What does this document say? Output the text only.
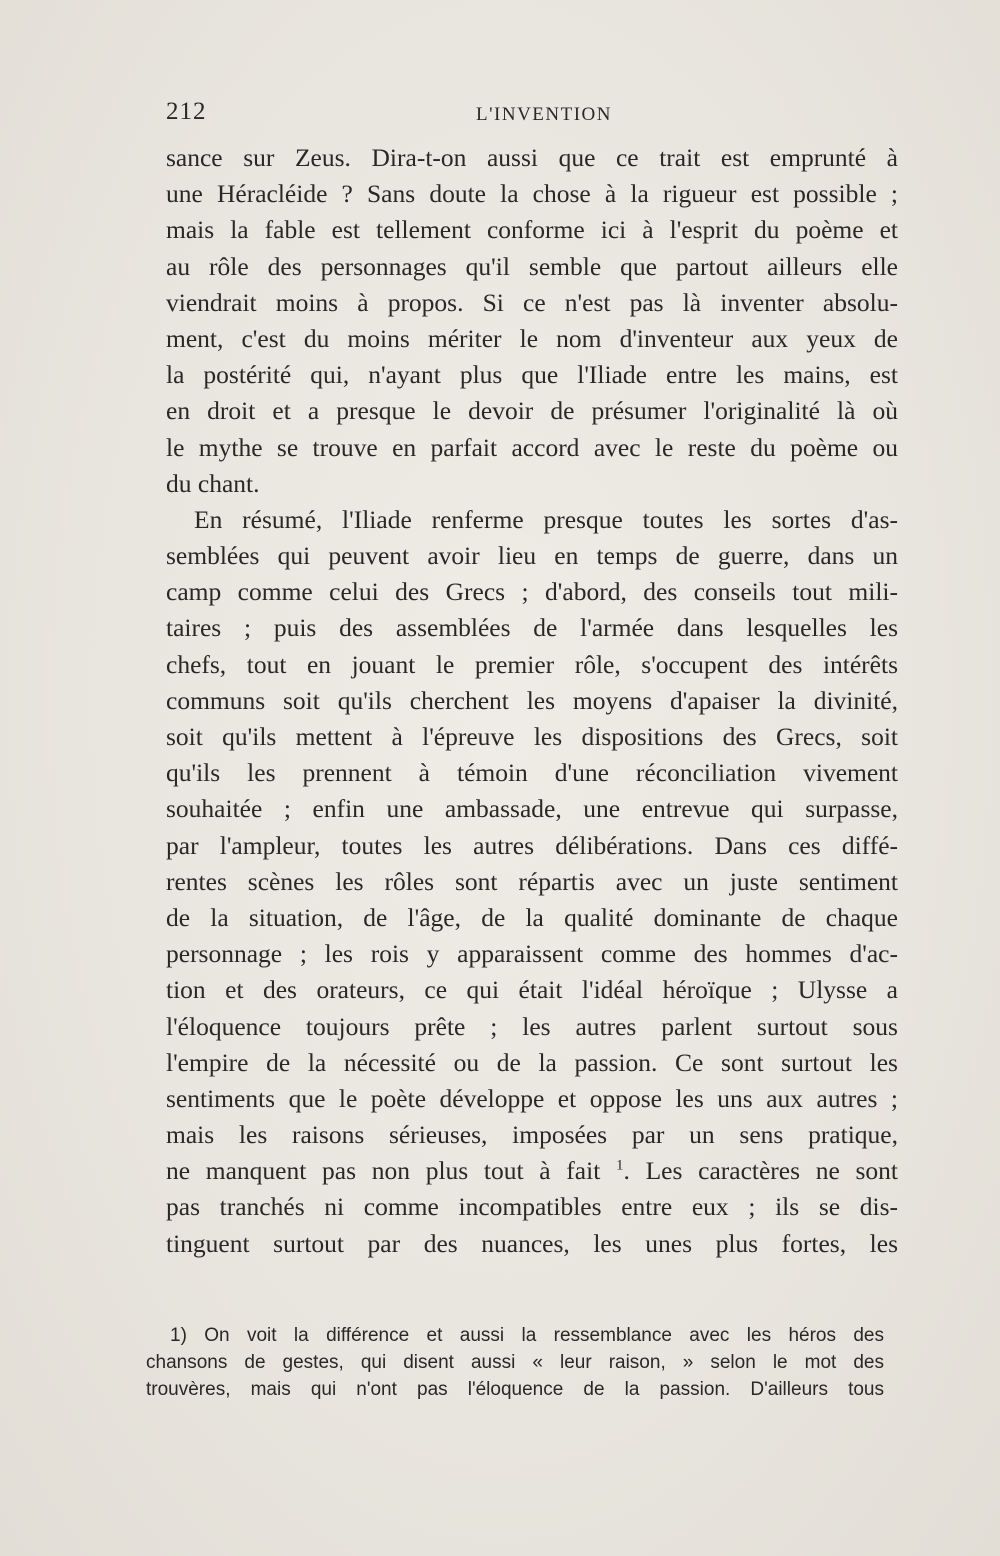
212	L'INVENTION
sance sur Zeus. Dira-t-on aussi que ce trait est emprunté à
une Héracléide ? Sans doute la chose à la rigueur est possible ;
mais la fable est tellement conforme ici à l'esprit du poème et
au rôle des personnages qu'il semble que partout ailleurs elle
viendrait moins à propos. Si ce n'est pas là inventer absolu-
ment, c'est du moins mériter le nom d'inventeur aux yeux de
la postérité qui, n'ayant plus que l'Iliade entre les mains, est
en droit et a presque le devoir de présumer l'originalité là où
le mythe se trouve en parfait accord avec le reste du poème ou
du chant.
En résumé, l'Iliade renferme presque toutes les sortes d'as-
semblées qui peuvent avoir lieu en temps de guerre, dans un
camp comme celui des Grecs ; d'abord, des conseils tout mili-
taires ; puis des assemblées de l'armée dans lesquelles les
chefs, tout en jouant le premier rôle, s'occupent des intérêts
communs soit qu'ils cherchent les moyens d'apaiser la divinité,
soit qu'ils mettent à l'épreuve les dispositions des Grecs, soit
qu'ils les prennent à témoin d'une réconciliation vivement
souhaitée ; enfin une ambassade, une entrevue qui surpasse,
par l'ampleur, toutes les autres délibérations. Dans ces diffé-
rentes scènes les rôles sont répartis avec un juste sentiment
de la situation, de l'âge, de la qualité dominante de chaque
personnage ; les rois y apparaissent comme des hommes d'ac-
tion et des orateurs, ce qui était l'idéal héroïque ; Ulysse a
l'éloquence toujours prête ; les autres parlent surtout sous
l'empire de la nécessité ou de la passion. Ce sont surtout les
sentiments que le poète développe et oppose les uns aux autres ;
mais les raisons sérieuses, imposées par un sens pratique,
ne manquent pas non plus tout à fait $^1$. Les caractères ne sont
pas tranchés ni comme incompatibles entre eux ; ils se dis-
tinguent surtout par des nuances, les unes plus fortes, les
1) On voit la différence et aussi la ressemblance avec les héros des
chansons de gestes, qui disent aussi « leur raison, » selon le mot des
trouvères, mais qui n'ont pas l'éloquence de la passion. D'ailleurs tous
